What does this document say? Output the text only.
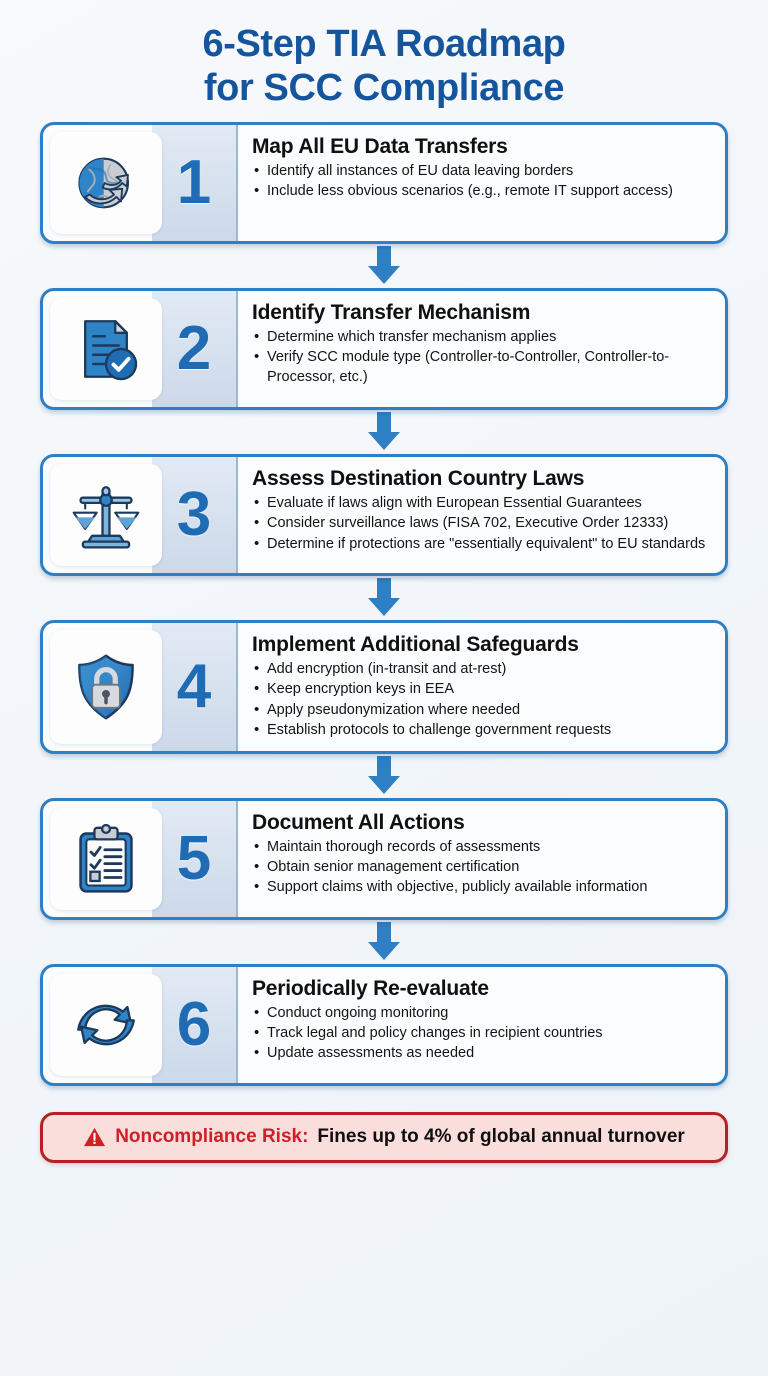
6-Step TIA Roadmap
for SCC Compliance
1
Map All EU Data Transfers
• Identify all instances of EU data leaving borders
• Include less obvious scenarios (e.g., remote IT support access)
2
Identify Transfer Mechanism
• Determine which transfer mechanism applies
• Verify SCC module type (Controller-to-Controller, Controller-to-Processor, etc.)
3
Assess Destination Country Laws
• Evaluate if laws align with European Essential Guarantees
• Consider surveillance laws (FISA 702, Executive Order 12333)
• Determine if protections are "essentially equivalent" to EU standards
4
Implement Additional Safeguards
• Add encryption (in-transit and at-rest)
• Keep encryption keys in EEA
• Apply pseudonymization where needed
• Establish protocols to challenge government requests
5
Document All Actions
• Maintain thorough records of assessments
• Obtain senior management certification
• Support claims with objective, publicly available information
6
Periodically Re-evaluate
• Conduct ongoing monitoring
• Track legal and policy changes in recipient countries
• Update assessments as needed
Noncompliance Risk: Fines up to 4% of global annual turnover
